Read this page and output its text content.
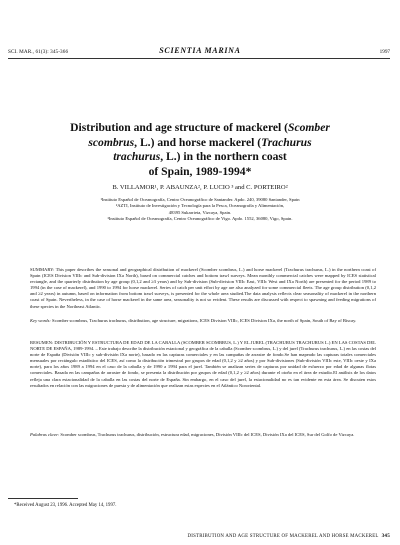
SCI. MAR., 61(3): 345-366	SCIENTIA MARINA	1997
Distribution and age structure of mackerel (Scomber
scombrus, L.) and horse mackerel (Trachurus
trachurus, L.) in the northern coast
of Spain, 1989-1994*
B. VILLAMOR¹, P. ABAUNZA², P. LUCIO ³ and C. PORTEIRO²
¹Instituto Español de Oceanografía, Centro Oceanográfico de Santander. Apdo. 240, 39080 Santander, Spain
²AZTI, Instituto de Investigación y Tecnología para la Pesca, Oceanografía y Alimentación,
48395 Sukarrieta, Vizcaya, Spain.
³Instituto Español de Oceanografía, Centro Oceanográfico de Vigo. Apdo. 1552, 36080, Vigo, Spain.
SUMMARY: This paper describes the seasonal and geographical distribution of mackerel (Scomber scombrus, L.) and horse mackerel (Trachurus trachurus, L.) in the northern coast of Spain (ICES Division VIIIc and Sub-division IXa North), based on commercial catches and bottom trawl surveys. Mean monthly commercial catches were mapped by ICES statistical rectangle, and the quarterly distribution by age group (0,1,2 and ≥3 years) and by Sub-division (Sub-division VIIIc East, VIIIc West and IXa North) are presented for the period 1989 to 1994 (in the case of mackerel), and 1990 to 1994 for horse mackerel. Series of catch per unit effort by age are also analyzed for some commercial fleets. The age group distribution (0,1,2 and ≥2 years) in autumn, based on information from bottom trawl surveys, is presented for the whole area studied.The data analysis reflects clear seasonality of mackerel in the northern coast of Spain. Nevertheless, in the case of horse mackerel in the same area, seasonality is not so evident. These results are discussed with respect to spawning and feeding migrations of these species in the Northeast Atlantic.
Key words: Scomber scombrus, Trachurus trachurus, distribution, age structure, migrations, ICES Division VIIIc, ICES Division IXa, the north of Spain, South of Bay of Biscay.
RESUMEN: DISTRIBUCIÓN Y ESTRUCTURA DE EDAD DE LA CABALLA (SCOMBER SCOMBRUS, L.) Y EL JUREL (TRACHURUS TRACHURUS L.) EN LAS COSTAS DEL NORTE DE ESPAÑA, 1989-1994. – Este trabajo describe la distribución estacional y geográfica de la caballa (Scomber scombrus, L.) y del jurel (Trachurus trachurus, L.) en las costas del norte de España (División VIIIc y sub-división IXa norte), basado en las capturas comerciales y en las campañas de arrastre de fondo.Se han mapeado las capturas totales comerciales mensuales por rectángulo estadístico del ICES, así como la distribución trimestral por grupos de edad (0,1,2 y ≥2 años) y por Sub-divisiones (Sub-división VIIIc este, VIIIc oeste y IXa norte), para los años 1989 a 1994 en el caso de la caballa y de 1990 a 1994 para el jurel. También se analizan series de capturas por unidad de esfuerzo por edad de algunas flotas comerciales. Basada en las campañas de arrastre de fondo, se presenta la distribución por grupos de edad (0,1,2 y ≥2 años) durante el otoño en el área de estudio.El análisis de los datos refleja una clara estacionalidad de la caballa en las costas del norte de España. Sin embargo, en el caso del jurel, la estacionalidad no es tan evidente en esta área. Se discuten estos resultados en relación con las migraciones de puesta y de alimentación que realizan estas especies en el Atlántico Nororiental.
Palabras clave: Scomber scombrus, Trachurus trachurus, distribución, estructura edad, migraciones, División VIIIc del ICES, División IXa del ICES, Sur del Golfo de Vizcaya.
*Received August 23, 1996. Accepted May 14, 1997.
DISTRIBUTION AND AGE STRUCTURE OF MACKEREL AND HORSE MACKEREL 345
